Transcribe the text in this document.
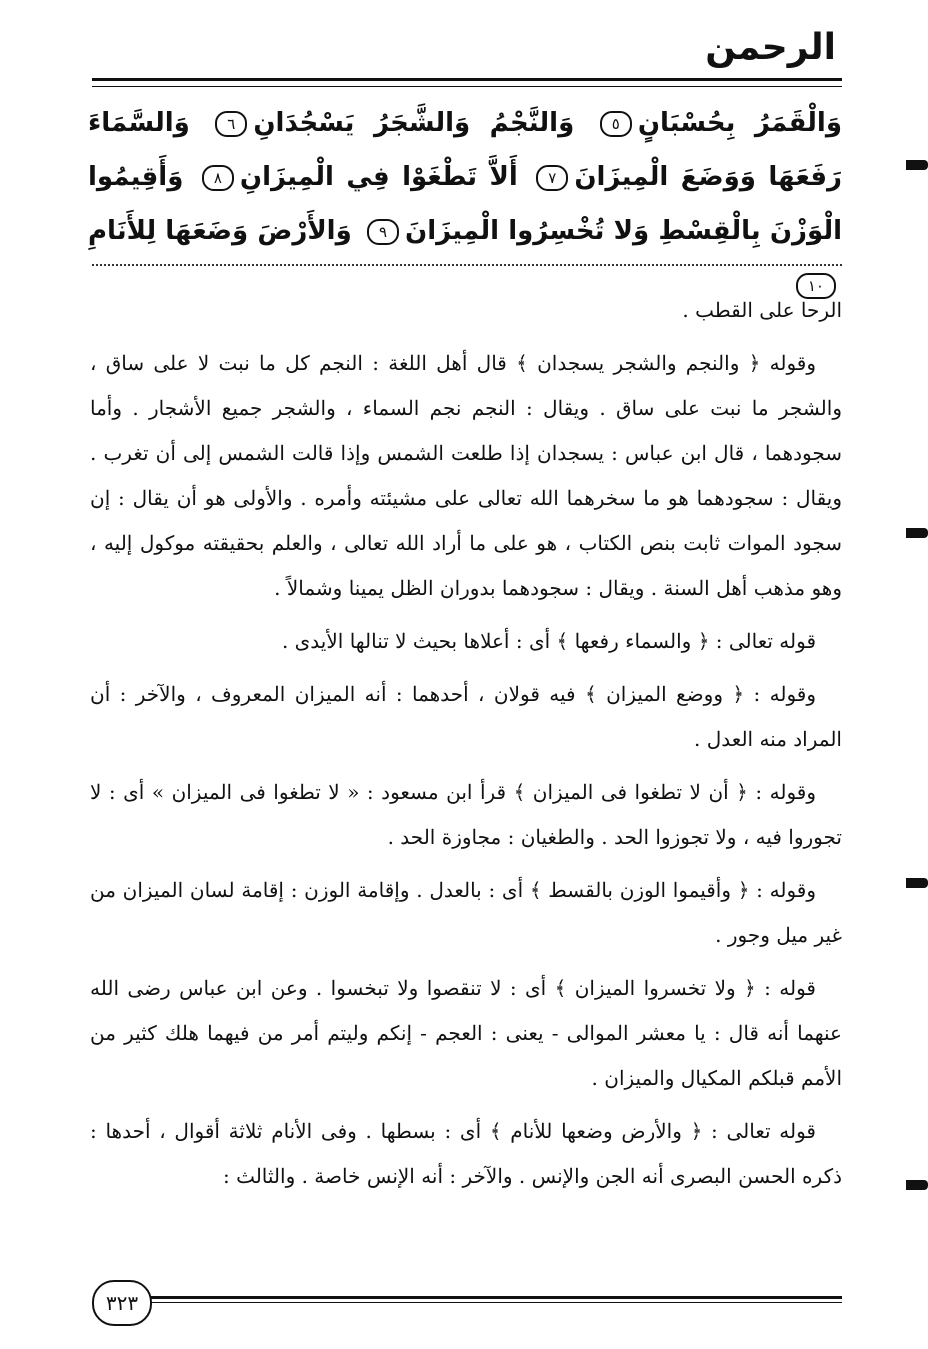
الرحمن
وَالْقَمَرُ بِحُسْبَانٍ٥ وَالنَّجْمُ وَالشَّجَرُ يَسْجُدَانِ٦ وَالسَّمَاءَ رَفَعَهَا وَوَضَعَ الْمِيزَانَ٧ أَلاَّ تَطْغَوْا فِي الْمِيزَانِ٨ وَأَقِيمُوا الْوَزْنَ بِالْقِسْطِ وَلا تُخْسِرُوا الْمِيزَانَ٩ وَالأَرْضَ وَضَعَهَا لِلأَنَامِ١٠

الرحا على القطب .

وقوله ﴿ والنجم والشجر يسجدان ﴾ قال أهل اللغة : النجم كل ما نبت لا على ساق ، والشجر ما نبت على ساق . ويقال : النجم نجم السماء ، والشجر جميع الأشجار . وأما سجودهما ، قال ابن عباس : يسجدان إذا طلعت الشمس وإذا قالت الشمس إلى أن تغرب . ويقال : سجودهما هو ما سخرهما الله تعالى على مشيئته وأمره . والأولى هو أن يقال : إن سجود الموات ثابت بنص الكتاب ، هو على ما أراد الله تعالى ، والعلم بحقيقته موكول إليه ، وهو مذهب أهل السنة . ويقال : سجودهما بدوران الظل يمينا وشمالاً .

قوله تعالى : ﴿ والسماء رفعها ﴾ أى : أعلاها بحيث لا تنالها الأيدى .

وقوله : ﴿ ووضع الميزان ﴾ فيه قولان ، أحدهما : أنه الميزان المعروف ، والآخر : أن المراد منه العدل .

وقوله : ﴿ أن لا تطغوا فى الميزان ﴾ قرأ ابن مسعود : « لا تطغوا فى الميزان » أى : لا تجوروا فيه ، ولا تجوزوا الحد . والطغيان : مجاوزة الحد .

وقوله : ﴿ وأقيموا الوزن بالقسط ﴾ أى : بالعدل . وإقامة الوزن : إقامة لسان الميزان من غير ميل وجور .

قوله : ﴿ ولا تخسروا الميزان ﴾ أى : لا تنقصوا ولا تبخسوا . وعن ابن عباس رضى الله عنهما أنه قال : يا معشر الموالى - يعنى : العجم - إنكم وليتم أمر من فيهما هلك كثير من الأمم قبلكم المكيال والميزان .

قوله تعالى : ﴿ والأرض وضعها للأنام ﴾ أى : بسطها . وفى الأنام ثلاثة أقوال ، أحدها : ذكره الحسن البصرى أنه الجن والإنس . والآخر : أنه الإنس خاصة . والثالث :

٣٢٣
